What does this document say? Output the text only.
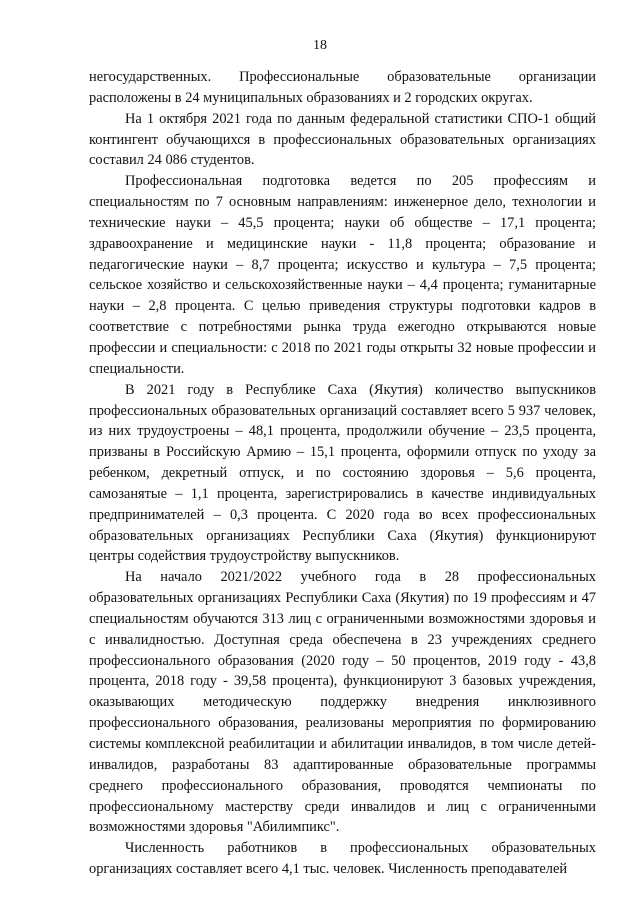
18

негосударственных. Профессиональные образовательные организации расположены в 24 муниципальных образованиях и 2 городских округах.

На 1 октября 2021 года по данным федеральной статистики СПО-1 общий контингент обучающихся в профессиональных образовательных организациях составил 24 086 студентов.

Профессиональная подготовка ведется по 205 профессиям и специальностям по 7 основным направлениям: инженерное дело, технологии и технические науки – 45,5 процента; науки об обществе – 17,1 процента; здравоохранение и медицинские науки - 11,8 процента; образование и педагогические науки – 8,7 процента; искусство и культура – 7,5 процента; сельское хозяйство и сельскохозяйственные науки – 4,4 процента; гуманитарные науки – 2,8 процента. С целью приведения структуры подготовки кадров в соответствие с потребностями рынка труда ежегодно открываются новые профессии и специальности: с 2018 по 2021 годы открыты 32 новые профессии и специальности.

В 2021 году в Республике Саха (Якутия) количество выпускников профессиональных образовательных организаций составляет всего 5 937 человек, из них трудоустроены – 48,1 процента, продолжили обучение – 23,5 процента, призваны в Российскую Армию – 15,1 процента, оформили отпуск по уходу за ребенком, декретный отпуск, и по состоянию здоровья – 5,6 процента, самозанятые – 1,1 процента, зарегистрировались в качестве индивидуальных предпринимателей – 0,3 процента. С 2020 года во всех профессиональных образовательных организациях Республики Саха (Якутия) функционируют центры содействия трудоустройству выпускников.

На начало 2021/2022 учебного года в 28 профессиональных образовательных организациях Республики Саха (Якутия) по 19 профессиям и 47 специальностям обучаются 313 лиц с ограниченными возможностями здоровья и с инвалидностью. Доступная среда обеспечена в 23 учреждениях среднего профессионального образования (2020 году – 50 процентов, 2019 году - 43,8 процента, 2018 году - 39,58 процента), функционируют 3 базовых учреждения, оказывающих методическую поддержку внедрения инклюзивного профессионального образования, реализованы мероприятия по формированию системы комплексной реабилитации и абилитации инвалидов, в том числе детей-инвалидов, разработаны 83 адаптированные образовательные программы среднего профессионального образования, проводятся чемпионаты по профессиональному мастерству среди инвалидов и лиц с ограниченными возможностями здоровья "Абилимпикс".

Численность работников в профессиональных образовательных организациях составляет всего 4,1 тыс. человек. Численность преподавателей
